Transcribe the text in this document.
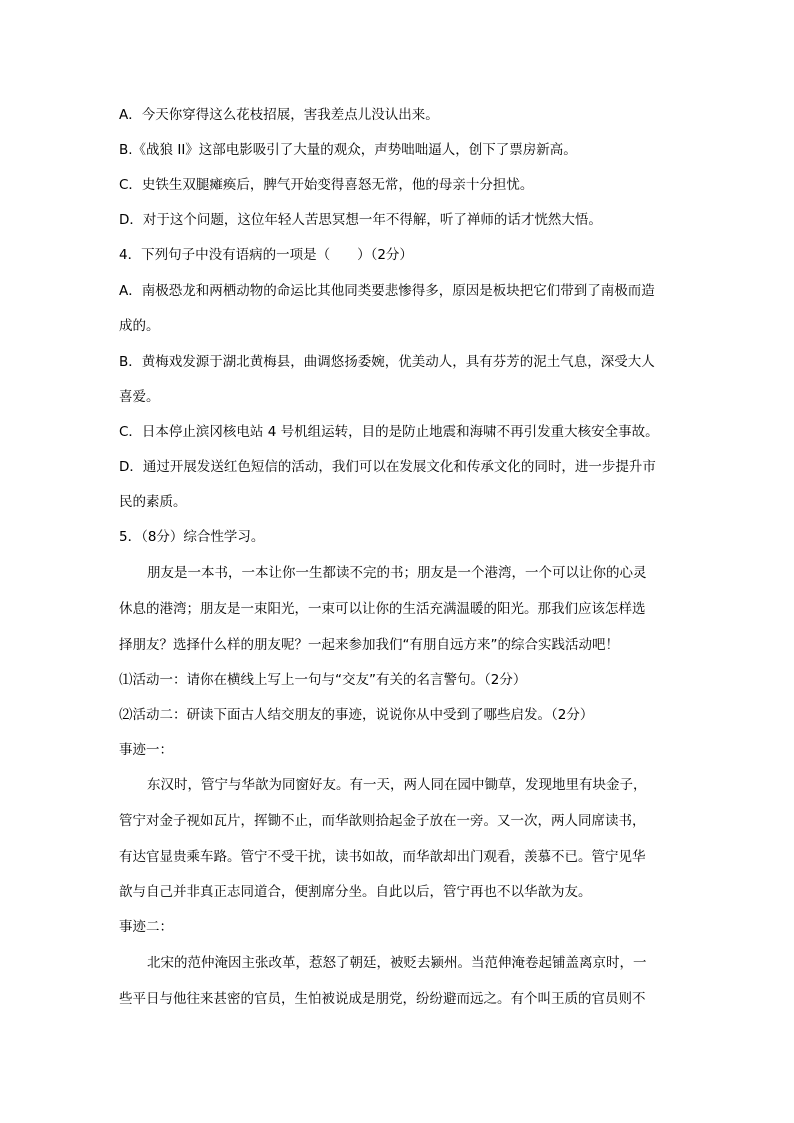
A．今天你穿得这么花枝招展，害我差点儿没认出来。
B.《战狼 II》这部电影吸引了大量的观众，声势咄咄逼人，创下了票房新高。
C．史铁生双腿瘫痪后，脾气开始变得喜怒无常，他的母亲十分担忧。
D．对于这个问题，这位年轻人苦思冥想一年不得解，听了禅师的话才恍然大悟。
4．下列句子中没有语病的一项是（　　）（2分）
A．南极恐龙和两栖动物的命运比其他同类要悲惨得多，原因是板块把它们带到了南极而造
成的。
B．黄梅戏发源于湖北黄梅县，曲调悠扬委婉，优美动人，具有芬芳的泥土气息，深受大人
喜爱。
C．日本停止滨冈核电站 4 号机组运转，目的是防止地震和海啸不再引发重大核安全事故。
D．通过开展发送红色短信的活动，我们可以在发展文化和传承文化的同时，进一步提升市
民的素质。
5．（8分）综合性学习。
朋友是一本书，一本让你一生都读不完的书；朋友是一个港湾，一个可以让你的心灵
休息的港湾；朋友是一束阳光，一束可以让你的生活充满温暖的阳光。那我们应该怎样选
择朋友？选择什么样的朋友呢？一起来参加我们“有朋自远方来”的综合实践活动吧！
⑴活动一：请你在横线上写上一句与“交友”有关的名言警句。（2分）
⑵活动二：研读下面古人结交朋友的事迹，说说你从中受到了哪些启发。（2分）
事迹一：
东汉时，管宁与华歆为同窗好友。有一天，两人同在园中锄草，发现地里有块金子，
管宁对金子视如瓦片，挥锄不止，而华歆则拾起金子放在一旁。又一次，两人同席读书，
有达官显贵乘车路。管宁不受干扰，读书如故，而华歆却出门观看，羡慕不已。管宁见华
歆与自己并非真正志同道合，便割席分坐。自此以后，管宁再也不以华歆为友。
事迹二：
北宋的范仲淹因主张改革，惹怒了朝廷，被贬去颍州。当范伸淹卷起铺盖离京时，一
些平日与他往来甚密的官员，生怕被说成是朋党，纷纷避而远之。有个叫王质的官员则不
